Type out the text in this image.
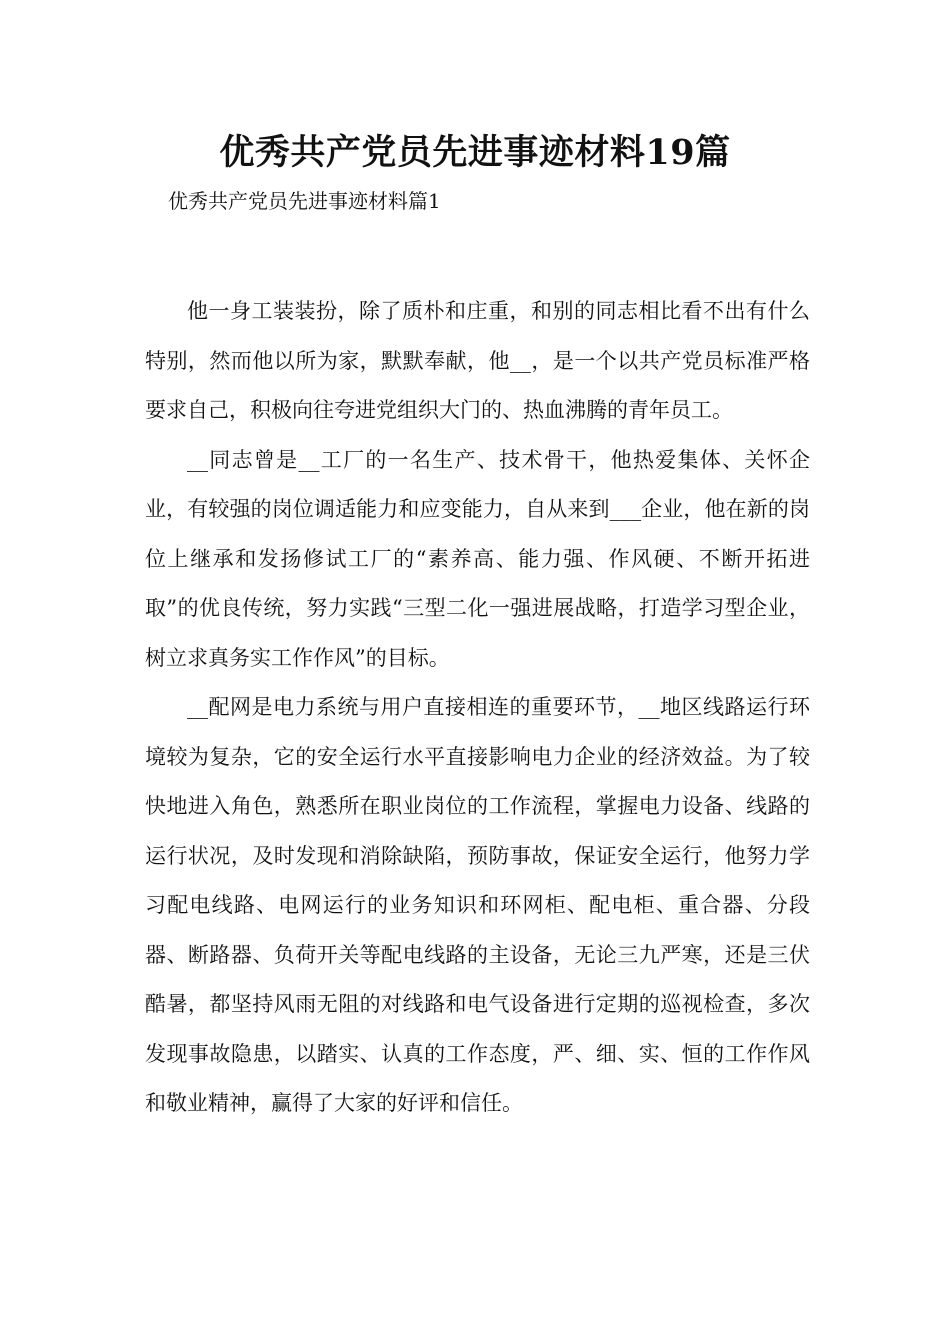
优秀共产党员先进事迹材料19篇
优秀共产党员先进事迹材料篇1

他一身工装装扮，除了质朴和庄重，和别的同志相比看不出有什么特别，然而他以所为家，默默奉献，他__，是一个以共产党员标准严格要求自己，积极向往夸进党组织大门的、热血沸腾的青年员工。

__同志曾是__工厂的一名生产、技术骨干，他热爱集体、关怀企业，有较强的岗位调适能力和应变能力，自从来到___企业，他在新的岗位上继承和发扬修试工厂的“素养高、能力强、作风硬、不断开拓进取”的优良传统，努力实践“三型二化一强进展战略，打造学习型企业，树立求真务实工作作风”的目标。

__配网是电力系统与用户直接相连的重要环节，__地区线路运行环境较为复杂，它的安全运行水平直接影响电力企业的经济效益。为了较快地进入角色，熟悉所在职业岗位的工作流程，掌握电力设备、线路的运行状况，及时发现和消除缺陷，预防事故，保证安全运行，他努力学习配电线路、电网运行的业务知识和环网柜、配电柜、重合器、分段器、断路器、负荷开关等配电线路的主设备，无论三九严寒，还是三伏酷暑，都坚持风雨无阻的对线路和电气设备进行定期的巡视检查，多次发现事故隐患，以踏实、认真的工作态度，严、细、实、恒的工作作风和敬业精神，赢得了大家的好评和信任。
